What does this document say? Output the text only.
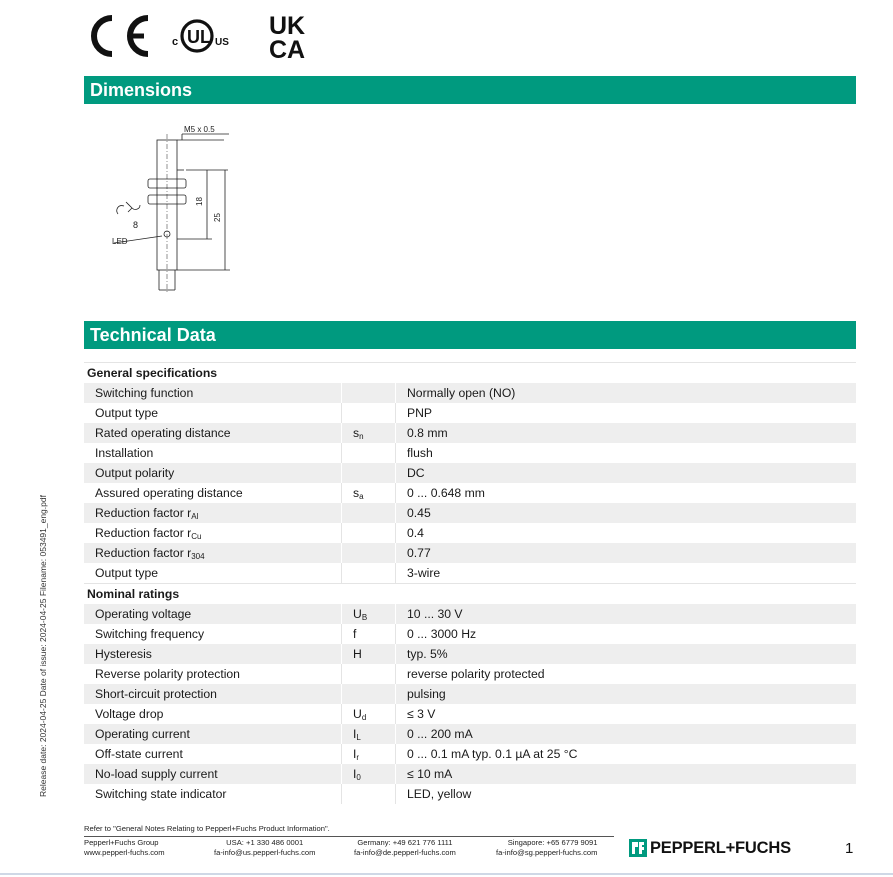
c UL US
UK
CA
Dimensions
M5 x 0.5
18
25
8
LED
Technical Data
General specifications		
Switching function		Normally open (NO)
Output type		PNP
Rated operating distance	$s_n$	0.8 mm
Installation		flush
Output polarity		DC
Assured operating distance	$s_a$	0 ... 0.648 mm
Reduction factor $r_{Al}$		0.45
Reduction factor $r_{Cu}$		0.4
Reduction factor $r_{304}$		0.77
Output type		3-wire
Nominal ratings		
Operating voltage	$U_B$	10 ... 30 V
Switching frequency	f	0 ... 3000 Hz
Hysteresis	H	typ. 5%
Reverse polarity protection		reverse polarity protected
Short-circuit protection		pulsing
Voltage drop	$U_d$	≤ 3 V
Operating current	$I_L$	0 ... 200 mA
Off-state current	$I_r$	0 ... 0.1 mA typ. 0.1 µA at 25 °C
No-load supply current	$I_0$	≤ 10 mA
Switching state indicator		LED, yellow
Release date: 2024-04-25 Date of issue: 2024-04-25 Filename: 053491_eng.pdf
Refer to "General Notes Relating to Pepperl+Fuchs Product Information".
Pepperl+Fuchs Group
www.pepperl-fuchs.com
USA: +1 330 486 0001
fa-info@us.pepperl-fuchs.com
Germany: +49 621 776 1111
fa-info@de.pepperl-fuchs.com
Singapore: +65 6779 9091
fa-info@sg.pepperl-fuchs.com	PEPPERL+FUCHS	1
